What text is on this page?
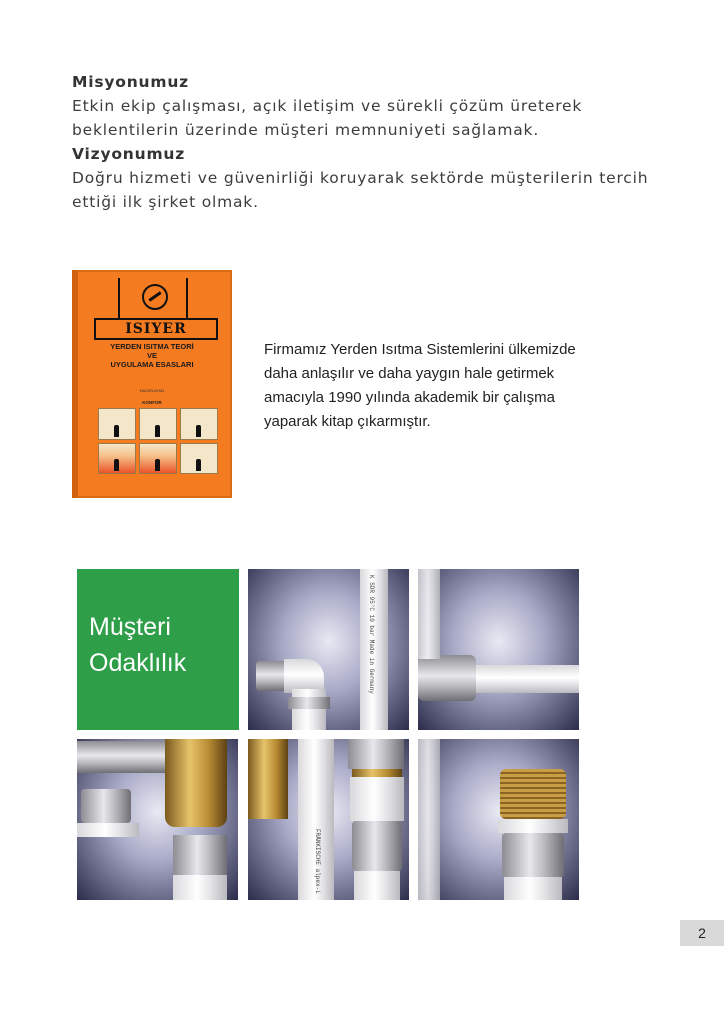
Misyonumuz

Etkin ekip çalışması, açık iletişim ve sürekli çözüm üreterek

beklentilerin üzerinde müşteri memnuniyeti sağlamak.

Vizyonumuz

Doğru hizmeti ve güvenirliği koruyarak sektörde müşterilerin tercih

ettiği ilk şirket olmak.

ISIYER
YERDEN ISITMA TEORİ
VE
UYGULAMA ESASLARI
HAZIRLAYAN
KONFOR
Firmamız Yerden Isıtma Sistemlerini ülkemizde
daha anlaşılır ve daha yaygın hale getirmek
amacıyla 1990 yılında akademik bir çalışma
yaparak kitap çıkarmıştır.
Müşteri
Odaklılık	K SDR 95°C 10 bar Made in Germany
FRÄNKISCHE alpex-L
2
